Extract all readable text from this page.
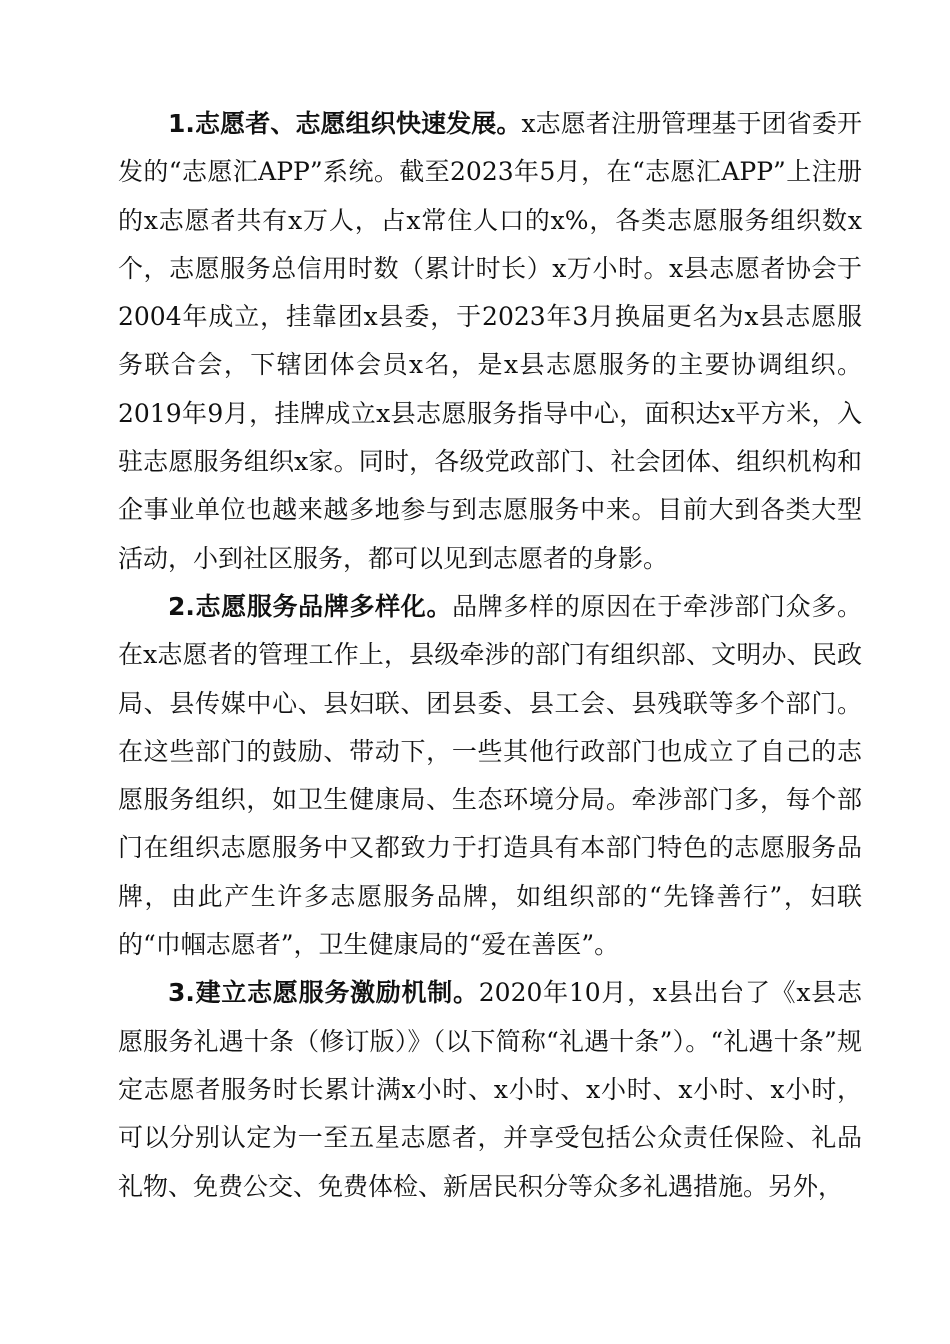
1.志愿者、志愿组织快速发展。x志愿者注册管理基于团省委开发的“志愿汇APP”系统。截至2023年5月，在“志愿汇APP”上注册的x志愿者共有x万人，占x常住人口的x%，各类志愿服务组织数x个，志愿服务总信用时数（累计时长）x万小时。x县志愿者协会于2004年成立，挂靠团x县委，于2023年3月换届更名为x县志愿服务联合会，下辖团体会员x名，是x县志愿服务的主要协调组织。2019年9月，挂牌成立x县志愿服务指导中心，面积达x平方米，入驻志愿服务组织x家。同时，各级党政部门、社会团体、组织机构和企事业单位也越来越多地参与到志愿服务中来。目前大到各类大型活动，小到社区服务，都可以见到志愿者的身影。

2.志愿服务品牌多样化。品牌多样的原因在于牵涉部门众多。在x志愿者的管理工作上，县级牵涉的部门有组织部、文明办、民政局、县传媒中心、县妇联、团县委、县工会、县残联等多个部门。在这些部门的鼓励、带动下，一些其他行政部门也成立了自己的志愿服务组织，如卫生健康局、生态环境分局。牵涉部门多，每个部门在组织志愿服务中又都致力于打造具有本部门特色的志愿服务品牌，由此产生许多志愿服务品牌，如组织部的“先锋善行”，妇联的“巾帼志愿者”，卫生健康局的“爱在善医”。

3.建立志愿服务激励机制。2020年10月，x县出台了《x县志愿服务礼遇十条（修订版）》（以下简称“礼遇十条”）。“礼遇十条”规定志愿者服务时长累计满x小时、x小时、x小时、x小时、x小时，可以分别认定为一至五星志愿者，并享受包括公众责任保险、礼品礼物、免费公交、免费体检、新居民积分等众多礼遇措施。另外，
